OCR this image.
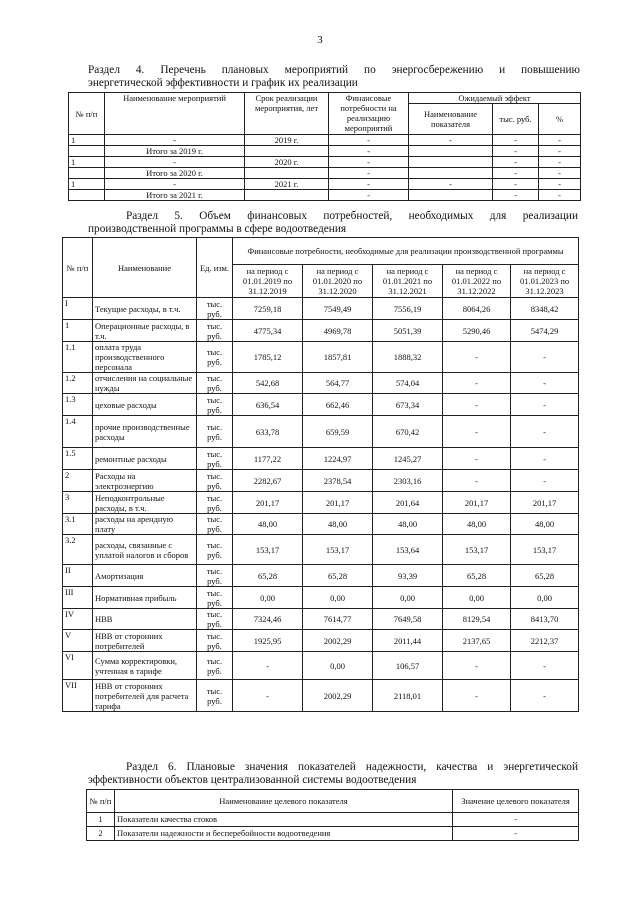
3
Раздел 4. Перечень плановых мероприятий по энергосбережению и повышению
энергетической эффективности и график их реализации
№ п/п	Наименование мероприятий	Срок реализации мероприятия, лет	Финансовые потребности на реализацию мероприятий	Ожидаемый эффект		
				Наименование показателя	тыс. руб.	%
1	-	2019 г.	-	-	-	-
	Итого за 2019 г.		-		-	-
1	-	2020 г.	-		-	-
	Итого за 2020 г.		-		-	-
1	-	2021 г.	-	-	-	-
	Итого за 2021 г.		-		-	-
Раздел 5. Объем финансовых потребностей, необходимых для реализации
производственной программы в сфере водоотведения
№ п/п	Наименование	Ед. изм.	Финансовые потребности, необходимые для реализации производственной программы				
			на период с 01.01.2019 по 31.12.2019	на период с 01.01.2020 по 31.12.2020	на период с 01.01.2021 по 31.12.2021	на период с 01.01.2022 по 31.12.2022	на период с 01.01.2023 по 31.12.2023
I	Текущие расходы, в т.ч.	тыс. руб.	7259,18	7549,49	7556,19	8064,26	8348,42
1	Операционные расходы, в т.ч.	тыс. руб.	4775,34	4969,78	5051,39	5290,46	5474,29
1.1	оплата труда производственного персонала	тыс. руб.	1785,12	1857,81	1888,32	-	-
1.2	отчисления на социальные нужды	тыс. руб.	542,68	564,77	574,04	-	-
1.3	цеховые расходы	тыс. руб.	636,54	662,46	673,34	-	-
1.4	прочие производственные расходы	тыс. руб.	633,78	659,59	670,42	-	-
1.5	ремонтные расходы	тыс. руб.	1177,22	1224,97	1245,27	-	-
2	Расходы на электроэнергию	тыс. руб.	2282,67	2378,54	2303,16	-	-
3	Неподконтрольные расходы, в т.ч.	тыс. руб.	201,17	201,17	201,64	201,17	201,17
3.1	расходы на арендную плату	тыс. руб.	48,00	48,00	48,00	48,00	48,00
3.2	расходы, связанные с уплатой налогов и сборов	тыс. руб.	153,17	153,17	153,64	153,17	153,17
II	Амортизация	тыс. руб.	65,28	65,28	93,39	65,28	65,28
III	Нормативная прибыль	тыс. руб.	0,00	0,00	0,00	0,00	0,00
IV	НВВ	тыс. руб.	7324,46	7614,77	7649,58	8129,54	8413,70
V	НВВ от сторонних потребителей	тыс. руб.	1925,95	2002,29	2011,44	2137,65	2212,37
VI	Сумма корректировки, учтенная в тарифе	тыс. руб.	-	0,00	106,57	-	-
VII	НВВ от сторонних потребителей для расчета тарифа	тыс. руб.	-	2002,29	2118,01	-	-
Раздел 6. Плановые значения показателей надежности, качества и энергетической
эффективности объектов централизованной системы водоотведения
№ п/п	Наименование целевого показателя	Значение целевого показателя
1	Показатели качества стоков	-
2	Показатели надежности и бесперебойности водоотведения	-
